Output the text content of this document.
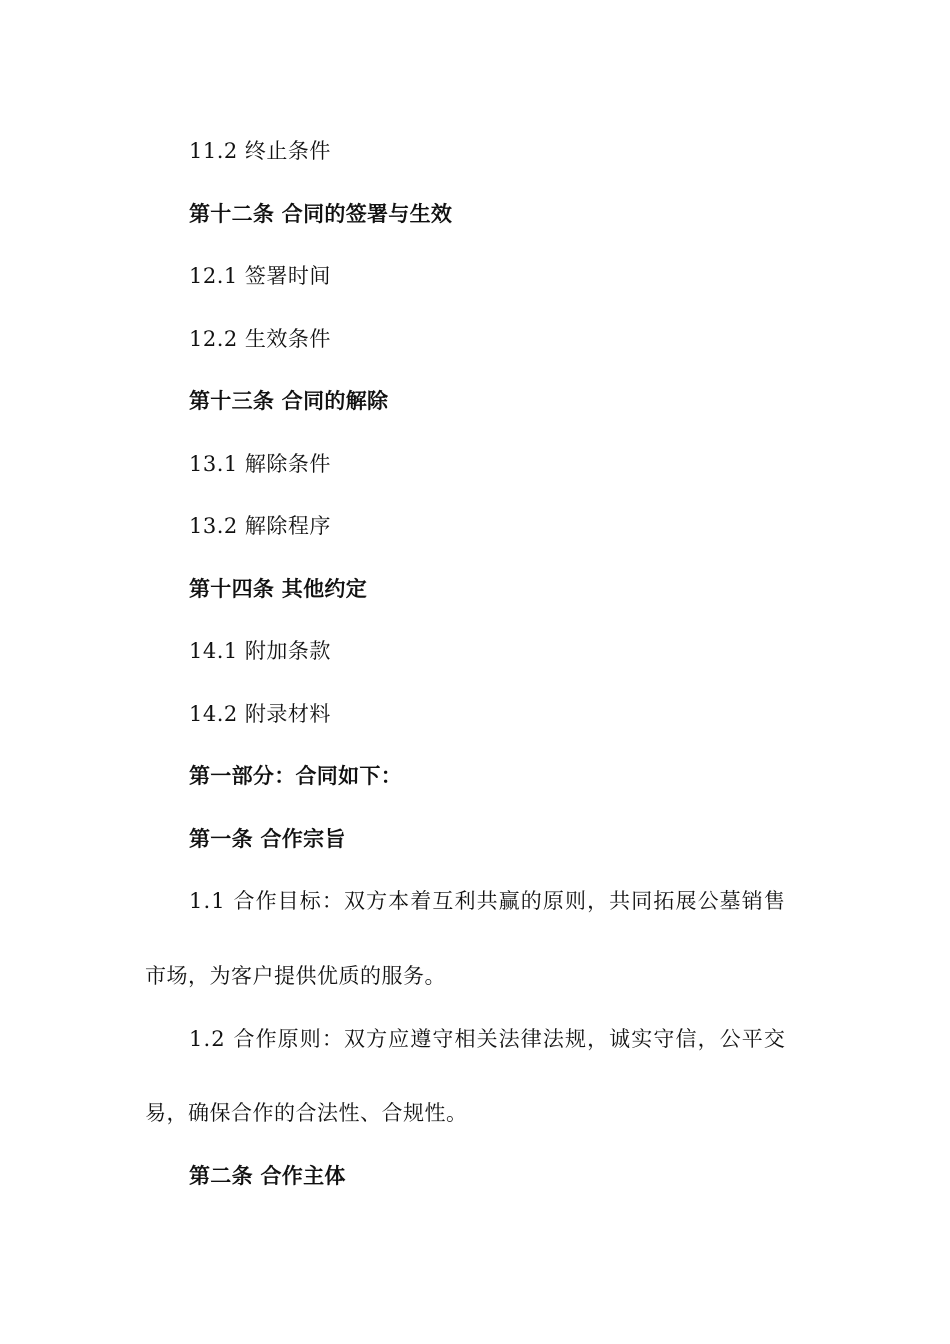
11.2 终止条件
第十二条 合同的签署与生效
12.1 签署时间
12.2 生效条件
第十三条 合同的解除
13.1 解除条件
13.2 解除程序
第十四条 其他约定
14.1 附加条款
14.2 附录材料
第一部分：合同如下：
第一条 合作宗旨
1.1 合作目标：双方本着互利共赢的原则，共同拓展公墓销售
市场，为客户提供优质的服务。
1.2 合作原则：双方应遵守相关法律法规，诚实守信，公平交
易，确保合作的合法性、合规性。
第二条 合作主体
